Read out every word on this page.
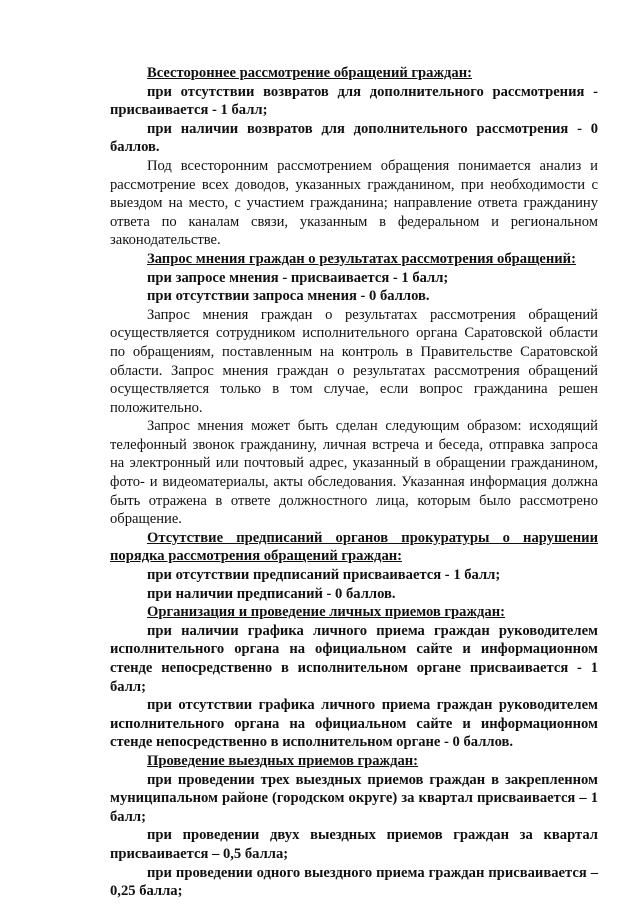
Всестороннее рассмотрение обращений граждан:

при отсутствии возвратов для дополнительного рассмотрения - присваивается - 1 балл;

при наличии возвратов для дополнительного рассмотрения - 0 баллов.

Под всесторонним рассмотрением обращения понимается анализ и рассмотрение всех доводов, указанных гражданином, при необходимости с выездом на место, с участием гражданина; направление ответа гражданину ответа по каналам связи, указанным в федеральном и региональном законодательстве.

Запрос мнения граждан о результатах рассмотрения обращений:

при запросе мнения - присваивается - 1 балл;

при отсутствии запроса мнения - 0 баллов.

Запрос мнения граждан о результатах рассмотрения обращений осуществляется сотрудником исполнительного органа Саратовской области по обращениям, поставленным на контроль в Правительстве Саратовской области. Запрос мнения граждан о результатах рассмотрения обращений осуществляется только в том случае, если вопрос гражданина решен положительно.

Запрос мнения может быть сделан следующим образом: исходящий телефонный звонок гражданину, личная встреча и беседа, отправка запроса на электронный или почтовый адрес, указанный в обращении гражданином, фото- и видеоматериалы, акты обследования. Указанная информация должна быть отражена в ответе должностного лица, которым было рассмотрено обращение.

Отсутствие предписаний органов прокуратуры о нарушении порядка рассмотрения обращений граждан:

при отсутствии предписаний присваивается - 1 балл;

при наличии предписаний - 0 баллов.

Организация и проведение личных приемов граждан:

при наличии графика личного приема граждан руководителем исполнительного органа на официальном сайте и информационном стенде непосредственно в исполнительном органе присваивается - 1 балл;

при отсутствии графика личного приема граждан руководителем исполнительного органа на официальном сайте и информационном стенде непосредственно в исполнительном органе - 0 баллов.

Проведение выездных приемов граждан:

при проведении трех выездных приемов граждан в закрепленном муниципальном районе (городском округе) за квартал присваивается – 1 балл;

при проведении двух выездных приемов граждан за квартал присваивается – 0,5 балла;

при проведении одного выездного приема граждан присваивается – 0,25 балла;
